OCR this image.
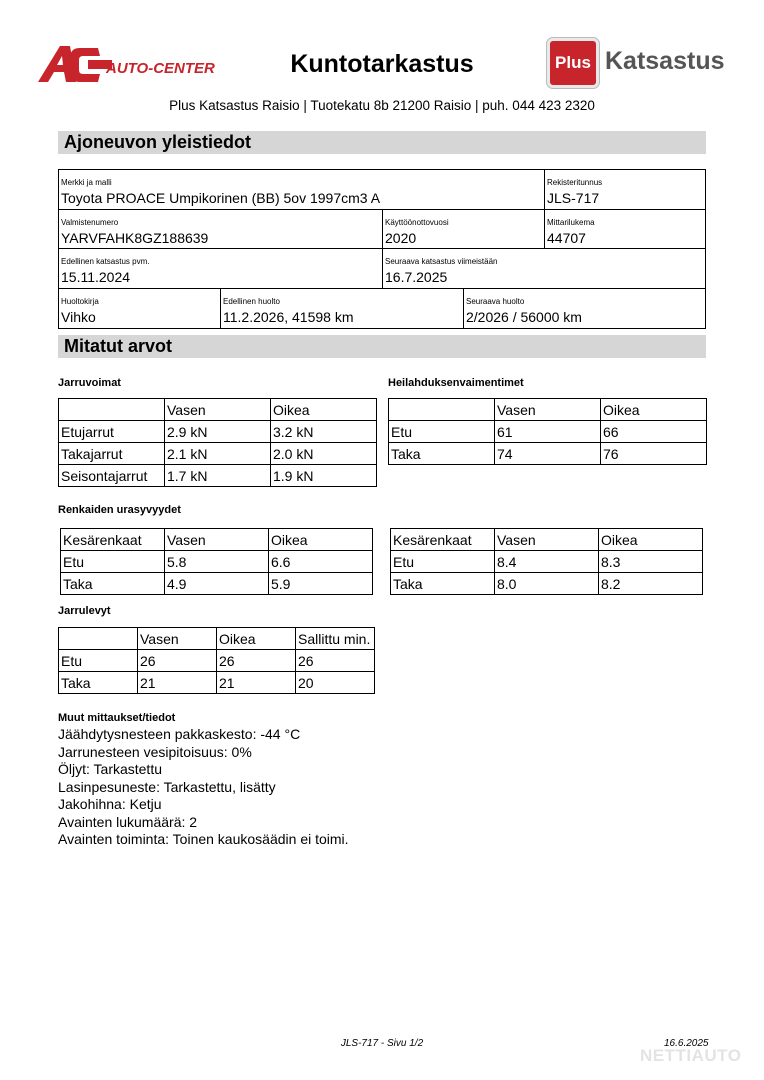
AUTO-CENTER	Kuntotarkastus	Plus Katsastus
Plus Katsastus Raisio | Tuotekatu 8b 21200 Raisio | puh. 044 423 2320
Ajoneuvon yleistiedot
Merkki ja malli
Toyota PROACE Umpikorinen (BB) 5ov 1997cm3 A
Rekisteritunnus
JLS-717
Valmistenumero
YARVFAHK8GZ188639
Käyttöönottovuosi
2020
Mittarilukema
44707
Edellinen katsastus pvm.
15.11.2024
Seuraava katsastus viimeistään
16.7.2025
Huoltokirja
Vihko
Edellinen huolto
11.2.2026, 41598 km
Seuraava huolto
2/2026 / 56000 km
Mitatut arvot
Jarruvoimat
	Vasen	Oikea
Etujarrut	2.9 kN	3.2 kN
Takajarrut	2.1 kN	2.0 kN
Seisontajarrut	1.7 kN	1.9 kN
Heilahduksenvaimentimet
	Vasen	Oikea
Etu	61	66
Taka	74	76
Renkaiden urasyvyydet
Kesärenkaat	Vasen	Oikea
Etu	5.8	6.6
Taka	4.9	5.9
Kesärenkaat	Vasen	Oikea
Etu	8.4	8.3
Taka	8.0	8.2
Jarrulevyt
	Vasen	Oikea	Sallittu min.
Etu	26	26	26
Taka	21	21	20
Muut mittaukset/tiedot
Jäähdytysnesteen pakkaskesto: -44 °C
Jarrunesteen vesipitoisuus: 0%
Öljyt: Tarkastettu
Lasinpesuneste: Tarkastettu, lisätty
Jakohihna: Ketju
Avainten lukumäärä: 2
Avainten toiminta: Toinen kaukosäädin ei toimi.
JLS-717 - Sivu 1/2	16.6.2025
NETTIAUTO
